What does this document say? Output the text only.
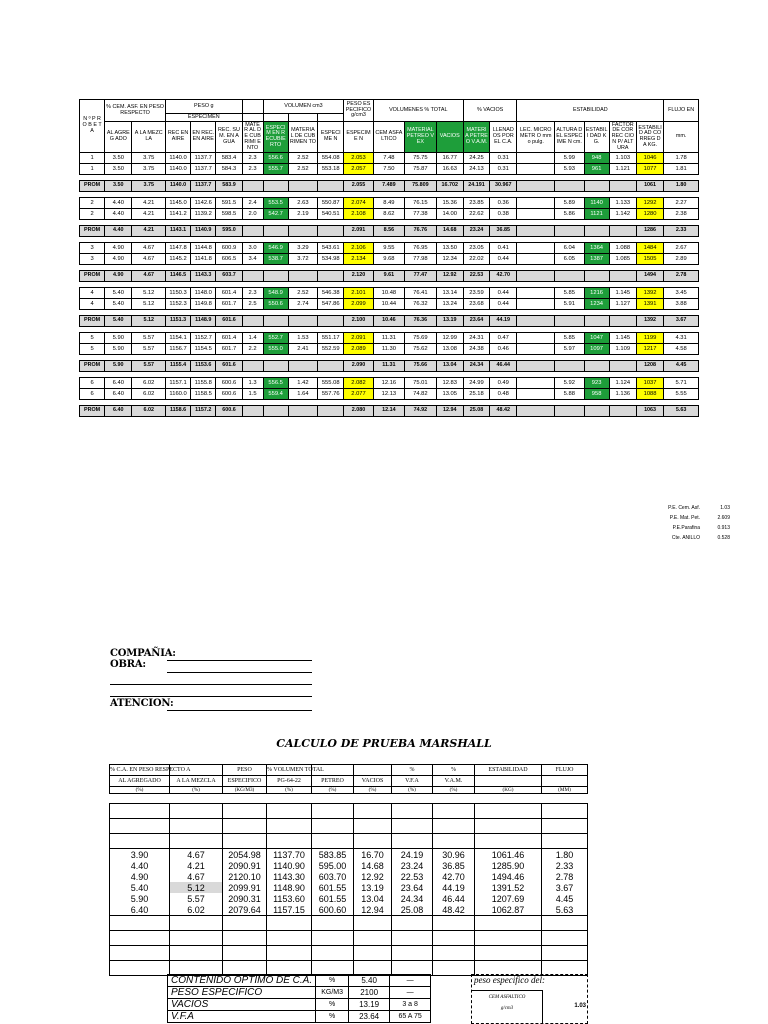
N º P R O B E T A	% CEM. ASF. EN PESO RESPECTO		PESO g				VOLUMEN cm3			PESO ESPECIFICO g/cm3	VOLUMENES % TOTAL			% VACIOS		ESTABILIDAD					FLUJO EN
			ESPECIMEN																		
	AL AGREG ADO	A LA MEZCLA	REC EN AIRE	EN REC.EN AIRE	REC. SUM. EN AGUA	MATER AL DE CUBRIMI ENTO	ESPECIM EN RECUBIE RTO	MATERIAL DE CUBRIMEN TO	ESPECIME N	ESPECIME N	CEM ASFALTICO	MATERIAL PETREO VEX	VACIOS	MATERIA PETREO V.A.M.	LLENAD OS POR EL C.A.	LEC. MICROMETR O mm o pulg.	ALTURA DEL ESPECIME N cm.	ESTABILI DAD KG.	FACTOR DE CORREC CION P/ ALTURA	ESTABILID AD CORREG DA KG.	mm.
1	3.50	3.75	1140.0	1137.7	583.4	2.3	556.6	2.52	554.08	2.053	7.48	75.75	16.77	24.25	0.31		5.99	948	1.103	1046	1.78
1	3.50	3.75	1140.0	1137.7	584.3	2.3	555.7	2.52	553.18	2.057	7.50	75.87	16.63	24.13	0.31		5.93	961	1.121	1077	1.81

PROM	3.50	3.75	1140.0	1137.7	583.9					2.055	7.489	75.809	16.702	24.191	30.967					1061	1.80

2	4.40	4.21	1145.0	1142.6	591.5	2.4	553.5	2.63	550.87	2.074	8.49	76.15	15.36	23.85	0.36		5.89	1140	1.133	1292	2.27
2	4.40	4.21	1141.2	1139.2	598.5	2.0	542.7	2.19	540.51	2.108	8.62	77.38	14.00	22.62	0.38		5.86	1121	1.142	1280	2.38

PROM	4.40	4.21	1143.1	1140.9	595.0					2.091	8.56	76.76	14.68	23.24	36.85					1286	2.33

3	4.90	4.67	1147.8	1144.8	600.9	3.0	546.9	3.29	543.61	2.106	9.55	76.95	13.50	23.05	0.41		6.04	1364	1.088	1484	2.67
3	4.90	4.67	1145.2	1141.8	606.5	3.4	538.7	3.72	534.98	2.134	9.68	77.98	12.34	22.02	0.44		6.05	1387	1.085	1505	2.89

PROM	4.90	4.67	1146.5	1143.3	603.7					2.120	9.61	77.47	12.92	22.53	42.70					1494	2.78

4	5.40	5.12	1150.3	1148.0	601.4	2.3	548.9	2.52	546.38	2.101	10.48	76.41	13.14	23.59	0.44		5.85	1216	1.145	1392	3.45
4	5.40	5.12	1152.3	1149.8	601.7	2.5	550.6	2.74	547.86	2.099	10.44	76.32	13.24	23.68	0.44		5.91	1234	1.127	1391	3.88

PROM	5.40	5.12	1151.3	1148.9	601.6					2.100	10.46	76.36	13.19	23.64	44.19					1392	3.67

5	5.90	5.57	1154.1	1152.7	601.4	1.4	552.7	1.53	551.17	2.091	11.31	75.69	12.99	24.31	0.47		5.85	1047	1.145	1199	4.31
5	5.90	5.57	1156.7	1154.5	601.7	2.2	555.0	2.41	552.59	2.089	11.30	75.62	13.08	24.38	0.46		5.97	1097	1.109	1217	4.58

PROM	5.90	5.57	1155.4	1153.6	601.6					2.090	11.31	75.66	13.04	24.34	46.44					1208	4.45

6	6.40	6.02	1157.1	1155.8	600.6	1.3	556.5	1.42	555.08	2.082	12.16	75.01	12.83	24.99	0.49		5.92	923	1.124	1037	5.71
6	6.40	6.02	1160.0	1158.5	600.6	1.5	559.4	1.64	557.76	2.077	12.13	74.82	13.05	25.18	0.48		5.88	958	1.136	1088	5.55

PROM	6.40	6.02	1158.6	1157.2	600.6					2.080	12.14	74.92	12.94	25.08	48.42					1063	5.63
P.E. Cem. Asf.	1.03
P.E. Mat. Pet.	2.609
P.E.Parafina	0.913
Cte. ANILLO	0.528
COMPAÑIA:
OBRA:
ATENCION:
CALCULO DE PRUEBA MARSHALL
% C.A. EN PESO RESPECTO A		PESO	% VOLUMEN TOTAL			%	%	ESTABILIDAD	FLUJO
AL AGREGADO	A LA MEZCLA	ESPECIFICO	PG-64-22	PETREO	VACIOS	V.F.A	V.A.M.		
(%)	(%)	(KG/M3)	(%)	(%)	(%)	(%)	(%)	(KG)	(MM)

3.90	4.67	2054.98	1137.70	583.85	16.70	24.19	30.96	1061.46	1.80
4.40	4.21	2090.91	1140.90	595.00	14.68	23.24	36.85	1285.90	2.33
4.90	4.67	2120.10	1143.30	603.70	12.92	22.53	42.70	1494.46	2.78
5.40	5.12	2099.91	1148.90	601.55	13.19	23.64	44.19	1391.52	3.67
5.90	5.57	2090.31	1153.60	601.55	13.04	24.34	46.44	1207.69	4.45
6.40	6.02	2079.64	1157.15	600.60	12.94	25.08	48.42	1062.87	5.63

CONTENIDO OPTIMO DE C.A.	%	5.40	—
PESO ESPECIFICO	KG/M3	2100	—
VACIOS	%	13.19	3 a 8
V.F.A	%	23.64	65 A 75
peso especifico del:
CEM ASFALTICO
g/cm3	1.03
